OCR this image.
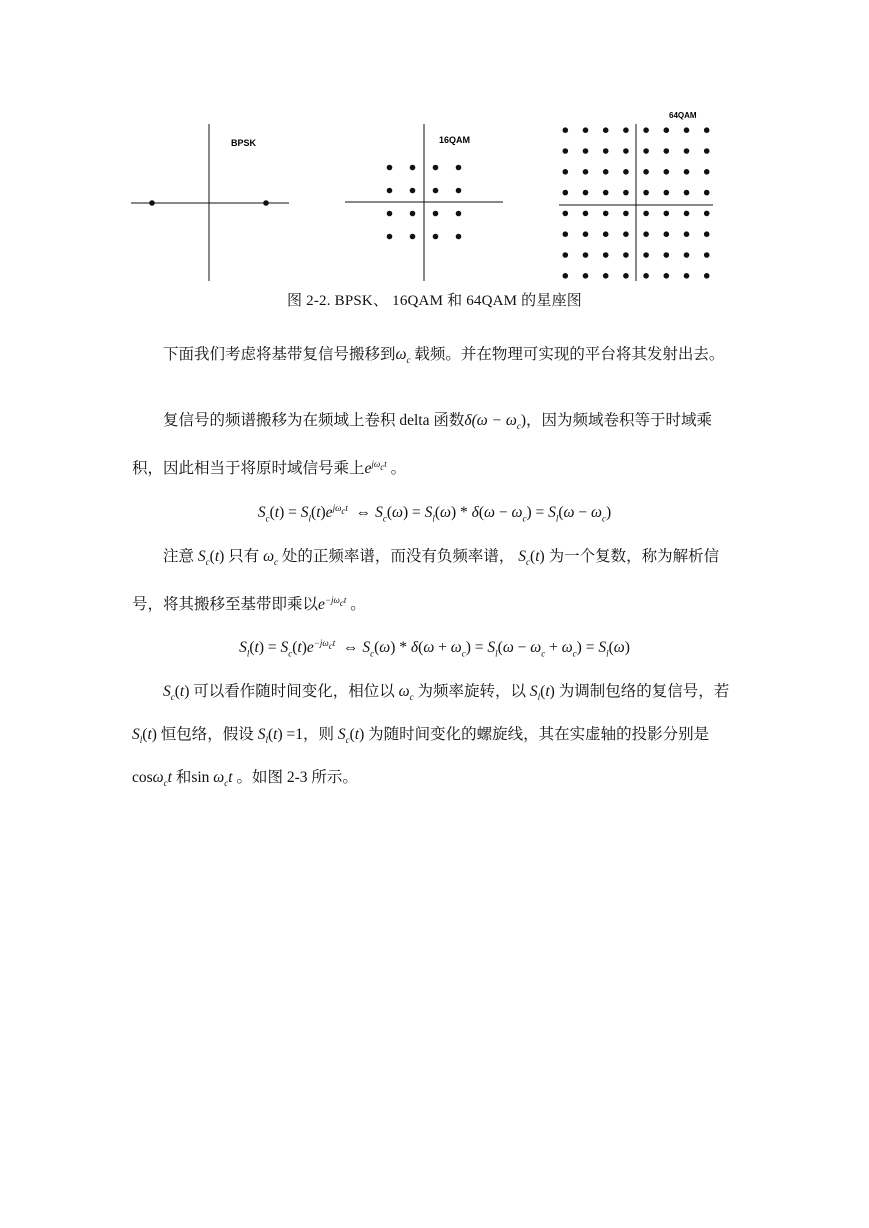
BPSK	16QAM
64QAM
图 2-2. BPSK、 16QAM 和 64QAM 的星座图
下面我们考虑将基带复信号搬移到$\omega_c$ 载频。并在物理可实现的平台将其发射出去。
复信号的频谱搬移为在频域上卷积 delta 函数$\delta(\omega - \omega_c)$，因为频域卷积等于时域乘积，因此相当于将原时域信号乘上$e^{j\omega_ct}$ 。
$S_c(t) = S_l(t)e^{j\omega_ct}$  ⇔ $S_c(\omega) = S_l(\omega) * \delta(\omega - \omega_c) = S_l(\omega - \omega_c)$
注意 $S_c(t)$ 只有 $\omega_c$ 处的正频率谱，而没有负频率谱， $S_c(t)$ 为一个复数，称为解析信号，将其搬移至基带即乘以$e^{-j\omega_ct}$ 。
$S_l(t) = S_c(t)e^{-j\omega_ct}$  ⇔ $S_c(\omega) * \delta(\omega + \omega_c) = S_l(\omega - \omega_c + \omega_c) = S_l(\omega)$
$S_c(t)$ 可以看作随时间变化，相位以 $\omega_c$ 为频率旋转，以 $S_l(t)$ 为调制包络的复信号，若 $S_l(t)$ 恒包络，假设 $S_l(t) =1$，则 $S_c(t)$ 为随时间变化的螺旋线，其在实虚轴的投影分别是cosω$_c$t 和$\sin \omega_ct$ 。如图 2-3 所示。
